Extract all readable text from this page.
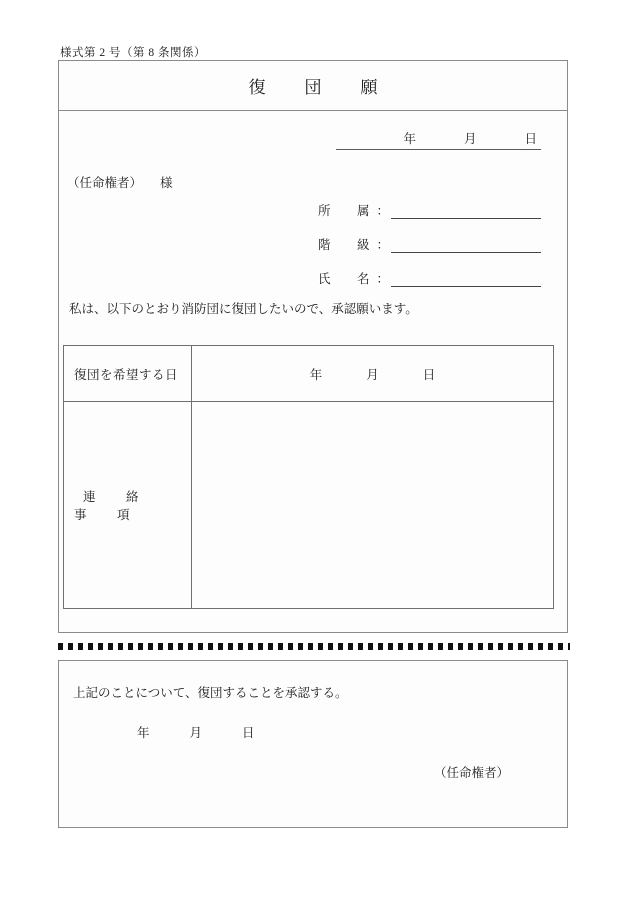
様式第 2 号（第 8 条関係）
復　団　願
年	月	日
（任命権者） 様
所　属 ：
階　級 ：
氏　名 ：
私は、以下のとおり消防団に復団したいので、承認願います。
復団を希望する日	年 月 日
連　絡　事　項	
上記のことについて、復団することを承認する。
年	月	日
（任命権者）
